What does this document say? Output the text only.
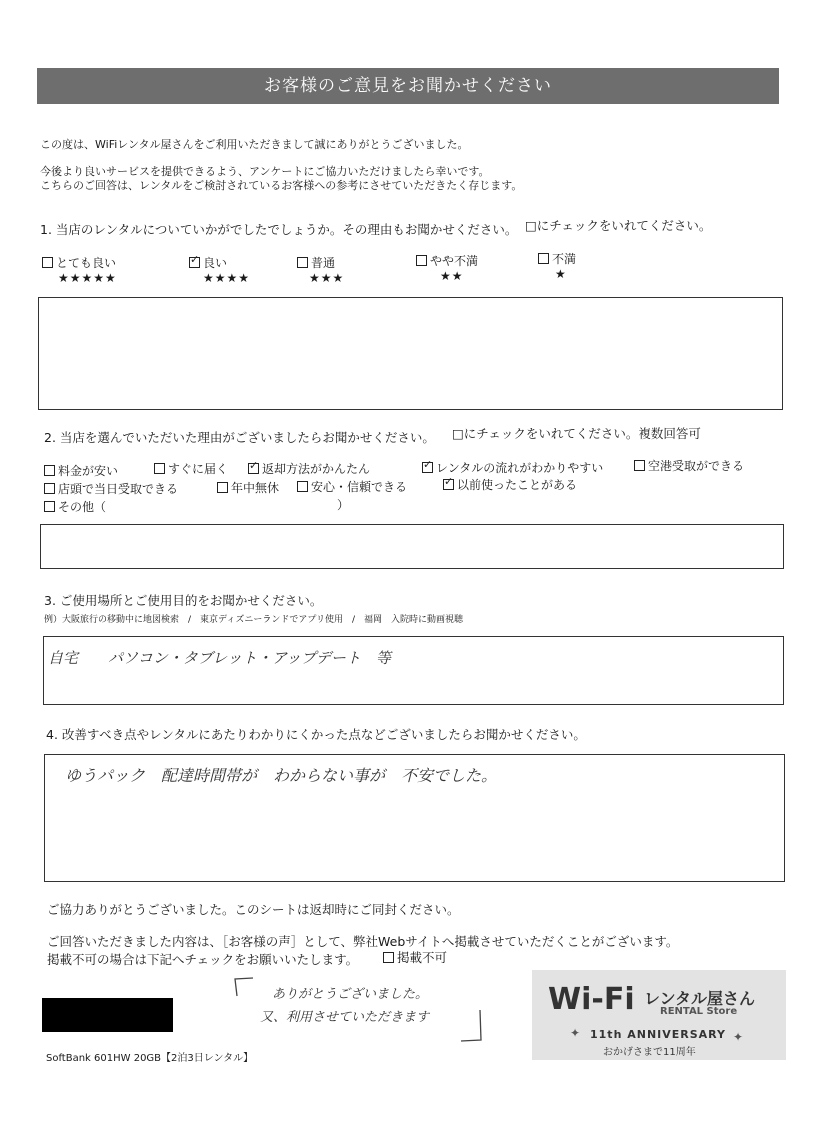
お客様のご意見をお聞かせください
この度は、WiFiレンタル屋さんをご利用いただきまして誠にありがとうございました。
今後より良いサービスを提供できるよう、アンケートにご協力いただけましたら幸いです。
こちらのご回答は、レンタルをご検討されているお客様への参考にさせていただきたく存じます。
1. 当店のレンタルについていかがでしたでしょうか。その理由もお聞かせください。 □にチェックをいれてください。
とても良い
★★★★★
✓良い
★★★★
普通
★★★
やや不満
★★
不満
★
2. 当店を選んでいただいた理由がございましたらお聞かせください。 □にチェックをいれてください。複数回答可
料金が安い	すぐに届く ✓	返却方法がかんたん ✓	レンタルの流れがわかりやすい	空港受取ができる
店頭で当日受取できる	年中無休	安心・信頼できる ✓	以前使ったことがある
その他（	）
3. ご使用場所とご使用目的をお聞かせください。
例）大阪旅行の移動中に地図検索　/　東京ディズニーランドでアプリ使用　/　福岡　入院時に動画視聴
自宅　　パソコン・タブレット・アップデート　等
4. 改善すべき点やレンタルにあたりわかりにくかった点などございましたらお聞かせください。
ゆうパック　配達時間帯が　わからない事が　不安でした。
ご協力ありがとうございました。このシートは返却時にご同封ください。
ご回答いただきました内容は、［お客様の声］として、弊社Webサイトへ掲載させていただくことがございます。
掲載不可の場合は下記へチェックをお願いいたします。	掲載不可
ありがとうございました。
又、利用させていただきます
SoftBank 601HW 20GB【2泊3日レンタル】
Wi-Fi レンタル屋さん
RENTAL Store
11th ANNIVERSARY
おかげさまで11周年
✦	✦
